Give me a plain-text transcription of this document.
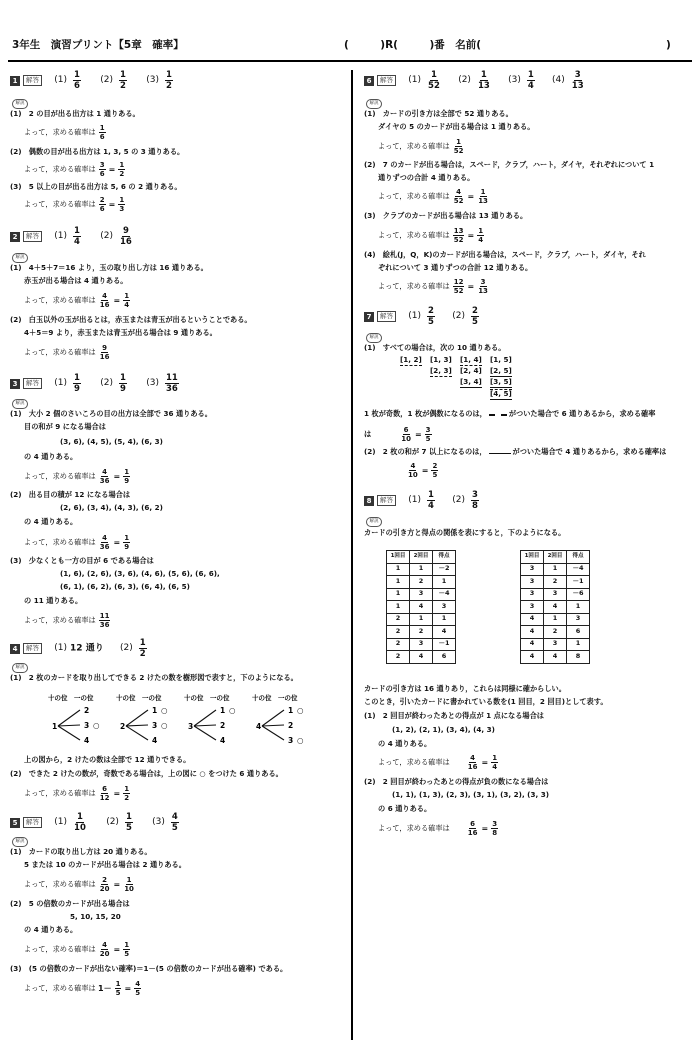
3年生　演習プリント【5章　確率】	(　　　)R(　　　)番　名前(	)
1 解答 $(1) \frac{1}{6} (2) \frac{1}{2} (3) \frac{1}{2}$
解説
(1)　2 の目が出る出方は 1 通りある。
よって，求める確率は $\frac{1}{6}$
(2)　偶数の目が出る出方は 1, 3, 5 の 3 通りある。
よって，求める確率は $\frac{3}{6} = \frac{1}{2}$
(3)　5 以上の目が出る出方は 5, 6 の 2 通りある。
よって，求める確率は $\frac{2}{6} = \frac{1}{3}$
2 解答 $(1) \frac{1}{4} (2) \frac{9}{16}$
解説
(1)　4＋5＋7＝16 より，玉の取り出し方は 16 通りある。
赤玉が出る場合は 4 通りある。
よって，求める確率は $\frac{4}{16} = \frac{1}{4}$
(2)　白玉以外の玉が出るとは，赤玉または青玉が出るということである。
4＋5＝9 より，赤玉または青玉が出る場合は 9 通りある。
よって，求める確率は $\frac{9}{16}$
3 解答 $(1) \frac{1}{9} (2) \frac{1}{9} (3) \frac{11}{36}$
解説
(1)　大小 2 個のさいころの目の出方は全部で 36 通りある。
目の和が 9 になる場合は
(3, 6), (4, 5), (5, 4), (6, 3)
の 4 通りある。
よって，求める確率は $\frac{4}{36} = \frac{1}{9}$
(2)　出る目の積が 12 になる場合は
(2, 6), (3, 4), (4, 3), (6, 2)
の 4 通りある。
よって，求める確率は $\frac{4}{36} = \frac{1}{9}$
(3)　少なくとも一方の目が 6 である場合は
(1, 6), (2, 6), (3, 6), (4, 6), (5, 6), (6, 6),
(6, 1), (6, 2), (6, 3), (6, 4), (6, 5)
の 11 通りある。
よって，求める確率は $\frac{11}{36}$
4 解答 (1) 12 通り $(2) \frac{1}{2}$
解説
(1)　2 枚のカードを取り出してできる 2 けたの数を樹形図で表すと，下のようになる。
十の位 一の位
1
2
3 ○
4
十の位 一の位
2
1 ○
3 ○
4
十の位 一の位
3
1 ○
2
4
十の位 一の位
4
1 ○
2
3 ○
上の図から，2 けたの数は全部で 12 通りできる。
(2)　できた 2 けたの数が，奇数である場合は，上の図に ○ をつけた 6 通りある。
よって，求める確率は $\frac{6}{12} = \frac{1}{2}$
5 解答 $(1) \frac{1}{10} (2) \frac{1}{5} (3) \frac{4}{5}$
解説
(1)　カードの取り出し方は 20 通りある。
5 または 10 のカードが出る場合は 2 通りある。
よって，求める確率は $\frac{2}{20} = \frac{1}{10}$
(2)　5 の倍数のカードが出る場合は
5, 10, 15, 20
の 4 通りある。
よって，求める確率は $\frac{4}{20} = \frac{1}{5}$
(3)　(5 の倍数のカードが出ない確率)＝1－(5 の倍数のカードが出る確率) である。
よって，求める確率は $1- \frac{1}{5} = \frac{4}{5}$
6 解答 $(1) \frac{1}{52} (2) \frac{1}{13} (3) \frac{1}{4} (4) \frac{3}{13}$
解説
(1)　カードの引き方は全部で 52 通りある。
ダイヤの 5 のカードが出る場合は 1 通りある。
よって，求める確率は $\frac{1}{52}$
(2)　7 のカードが出る場合は，スペード，クラブ，ハート，ダイヤ，それぞれについて 1
通りずつの合計 4 通りある。
よって，求める確率は $\frac{4}{52} = \frac{1}{13}$
(3)　クラブのカードが出る場合は 13 通りある。
よって，求める確率は $\frac{13}{52} = \frac{1}{4}$
(4)　絵札(J，Q，K)のカードが出る場合は，スペード，クラブ，ハート，ダイヤ，それ
ぞれについて 3 通りずつの合計 12 通りある。
よって，求める確率は $\frac{12}{52} = \frac{3}{13}$
7 解答 $(1) \frac{2}{5} (2) \frac{2}{5}$
解説
(1)　すべての場合は，次の 10 通りある。
[1, 2] [1, 3] [1, 4] [1, 5]
[2, 3] [2, 4] [2, 5]
[3, 4] [3, 5]
[4, 5]
1 枚が奇数，1 枚が偶数になるのは，	がついた場合で 6 通りあるから，求める確率
は	$\frac{6}{10} = \frac{3}{5}$
(2)　2 枚の和が 7 以上になるのは，	がついた場合で 4 通りあるから，求める確率は
$\frac{4}{10} = \frac{2}{5}$
8 解答 $(1) \frac{1}{4} (2) \frac{3}{8}$
解説
カードの引き方と得点の関係を表にすると，下のようになる。
1回目	2回目	得点
1	1	－2
1	2	1
1	3	－4
1	4	3
2	1	1
2	2	4
2	3	－1
2	4	6
1回目	2回目	得点
3	1	－4
3	2	－1
3	3	－6
3	4	1
4	1	3
4	2	6
4	3	1
4	4	8
カードの引き方は 16 通りあり，これらは同様に確からしい。
このとき，引いたカードに書かれている数を(1 回目，2 回目)として表す。
(1)　2 回目が終わったあとの得点が 1 点になる場合は
(1, 2), (2, 1), (3, 4), (4, 3)
の 4 通りある。
よって，求める確率は $\frac{4}{16} = \frac{1}{4}$
(2)　2 回目が終わったあとの得点が負の数になる場合は
(1, 1), (1, 3), (2, 3), (3, 1), (3, 2), (3, 3)
の 6 通りある。
よって，求める確率は $\frac{6}{16} = \frac{3}{8}$
